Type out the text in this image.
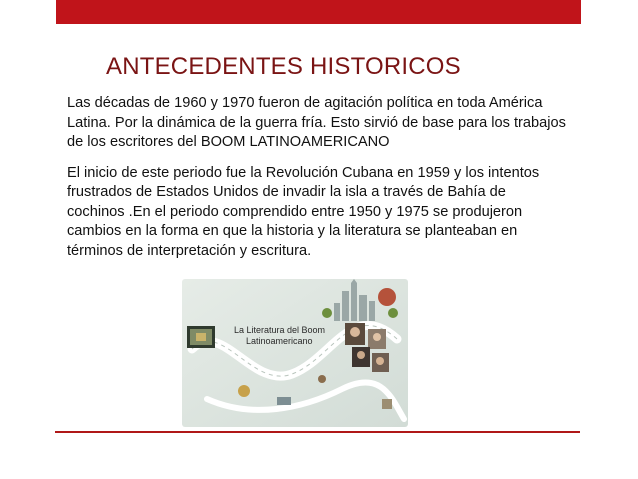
ANTECEDENTES HISTORICOS

Las décadas de 1960 y 1970 fueron de agitación política en toda América Latina. Por la dinámica de la guerra fría. Esto sirvió de base para los trabajos de los escritores del BOOM LATINOAMERICANO

El inicio de este periodo fue la Revolución Cubana en 1959 y los intentos frustrados de Estados Unidos de invadir la isla a través de Bahía de cochinos .En el periodo comprendido entre 1950 y 1975 se produjeron cambios en la forma en que la historia y la literatura se planteaban en términos de interpretación y escritura.

La Literatura del Boom
Latinoamericano
